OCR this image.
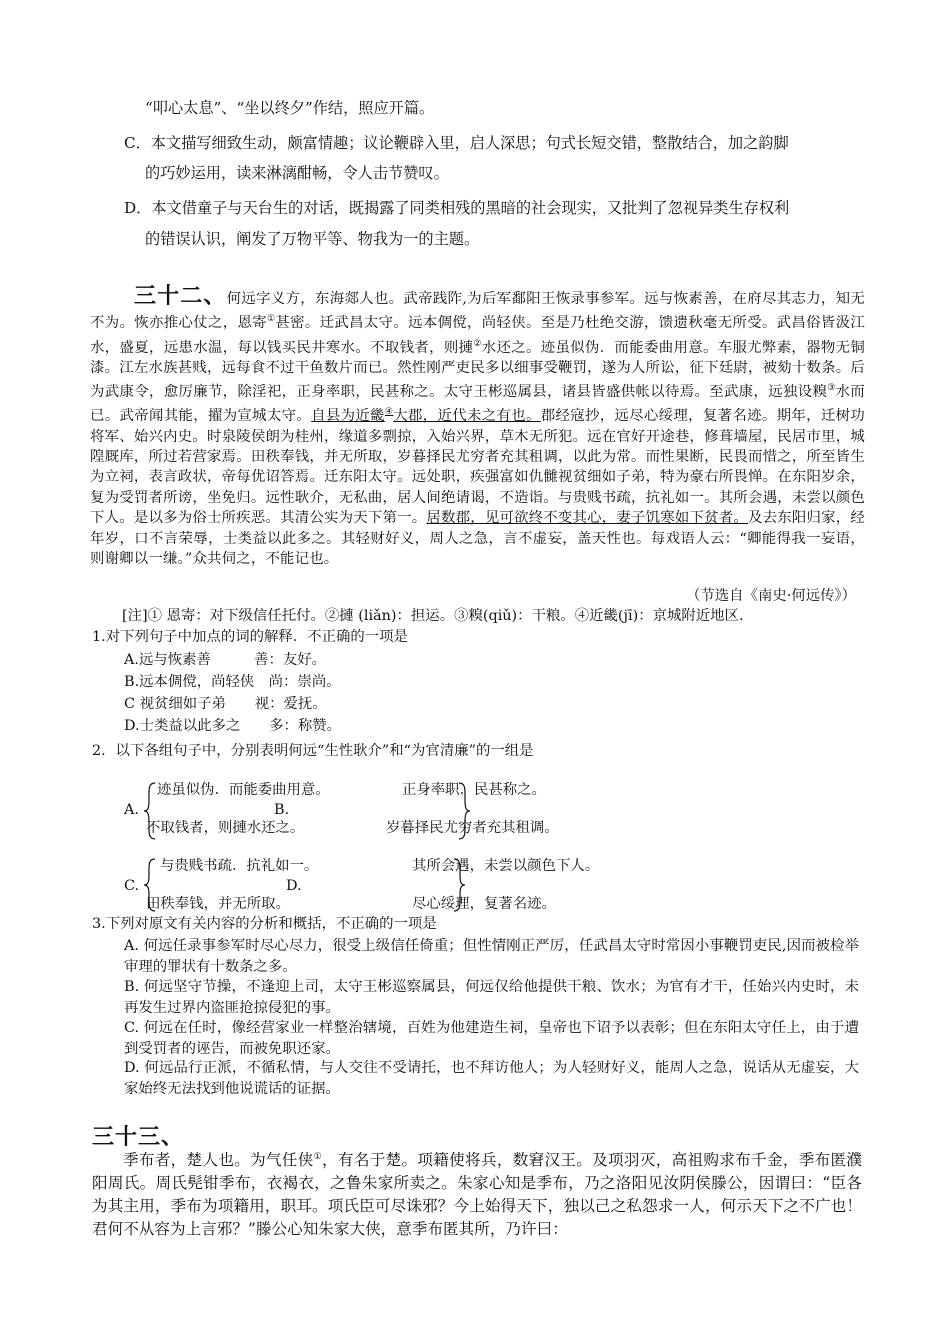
“叩心太息”、“坐以终夕”作结，照应开篇。
C．本文描写细致生动，颇富情趣；议论鞭辟入里，启人深思；句式长短交错，整散结合，加之韵脚
的巧妙运用，读来淋漓酣畅，令人击节赞叹。
D．本文借童子与天台生的对话，既揭露了同类相残的黑暗的社会现实，又批判了忽视异类生存权利
的错误认识，阐发了万物平等、物我为一的主题。
三十二、何远字义方，东海郯人也。武帝践阼,为后军鄱阳王恢录事参军。远与恢素善，在府尽其志力，知无不为。恢亦推心仗之，恩寄①甚密。迁武昌太守。远本倜傥，尚轻侠。至是乃杜绝交游，馈遗秋毫无所受。武昌俗皆汲江水，盛夏，远患水温，每以钱买民井寒水。不取钱者，则摙②水还之。迹虽似伪．而能委曲用意。车服尤弊素，器物无铜漆。江左水族甚贱，远每食不过干鱼数片而已。然性刚严吏民多以细事受鞭罚，遂为人所讼，征下廷尉，被劾十数条。后为武康令，愈厉廉节，除淫祀，正身率职，民甚称之。太守王彬巡属县，诸县皆盛供帐以待焉。至武康，远独设糗③水而已。武帝闻其能，擢为宣城太守。自县为近畿④大郡，近代未之有也。郡经寇抄，远尽心绥理，复著名迹。期年，迁树功将军、始兴内史。时泉陵侯朗为桂州，缘道多剽掠，入始兴界，草木无所犯。远在官好开途巷，修葺墙屋，民居市里，城隍厩库，所过若营家焉。田秩奉钱，并无所取，岁暮择民尤穷者充其租调，以此为常。而性果断，民畏而惜之，所至皆生为立祠，表言政状，帝每优诏答焉。迁东阳太守。远处职，疾强富如仇雠视贫细如子弟，特为豪右所畏惮。在东阳岁余，复为受罚者所谤，坐免归。远性耿介，无私曲，居人间绝请谒，不造诣。与贵贱书疏，抗礼如一。其所会遇，未尝以颜色下人。是以多为俗士所疾恶。其清公实为天下第一。居数郡，见可欲终不变其心，妻子饥寒如下贫者。及去东阳归家，经年岁，口不言荣辱，士类益以此多之。其轻财好义，周人之急，言不虚妄，盖天性也。每戏语人云：“卿能得我一妄语，则谢卿以一缣。”众共伺之，不能记也。
（节选自《南史·何远传》）
[注]① 恩寄：对下级信任托付。②摙 (liǎn)：担运。③糗(qiǔ)：干粮。④近畿(jī)：京城附近地区.
1.对下列句子中加点的词的解释．不正确的一项是
A.远与恢素善　　　善：友好。
B.远本倜傥，尚轻侠　尚：崇尚。
C 视贫细如子弟　　视：爱抚。
D.士类益以此多之　　多：称赞。
2．以下各组句子中，分别表明何远“生性耿介”和“为官清廉”的一组是
A.
迹虽似伪．而能委曲用意。
不取钱者，则摙水还之。
B.
正身率职．民甚称之。
岁暮择民尤穷者充其租调。
C.
与贵贱书疏．抗礼如一。
田秩奉钱，并无所取。
D.
其所会遇，未尝以颜色下人。
尽心绥理，复著名迹。
3.下列对原文有关内容的分析和概括，不正确的一项是
A. 何远任录事参军时尽心尽力，很受上级信任倚重；但性情刚正严厉，任武昌太守时常因小事鞭罚吏民,因而被检举审理的罪状有十数条之多。
B. 何远坚守节操，不逢迎上司，太守王彬巡察属县，何远仅给他提供干粮、饮水；为官有才干，任始兴内史时，未再发生过界内盗匪抢掠侵犯的事。
C. 何远在任时，像经营家业一样整治辖境，百姓为他建造生祠，皇帝也下诏予以表彰；但在东阳太守任上，由于遭到受罚者的诬告，而被免职还家。
D. 何远品行正派，不循私情，与人交往不受请托，也不拜访他人；为人轻财好义，能周人之急，说话从无虚妄，大家始终无法找到他说谎话的证据。
三十三、
季布者，楚人也。为气任侠①，有名于楚。项籍使将兵，数窘汉王。及项羽灭，高祖购求布千金，季布匿濮阳周氏。周氏髡钳季布，衣褐衣，之鲁朱家所卖之。朱家心知是季布，乃之洛阳见汝阴侯滕公，因谓曰：“臣各为其主用，季布为项籍用，职耳。项氏臣可尽诛邪？今上始得天下，独以己之私怨求一人，何示天下之不广也！君何不从容为上言邪？”滕公心知朱家大侠，意季布匿其所，乃许曰：
